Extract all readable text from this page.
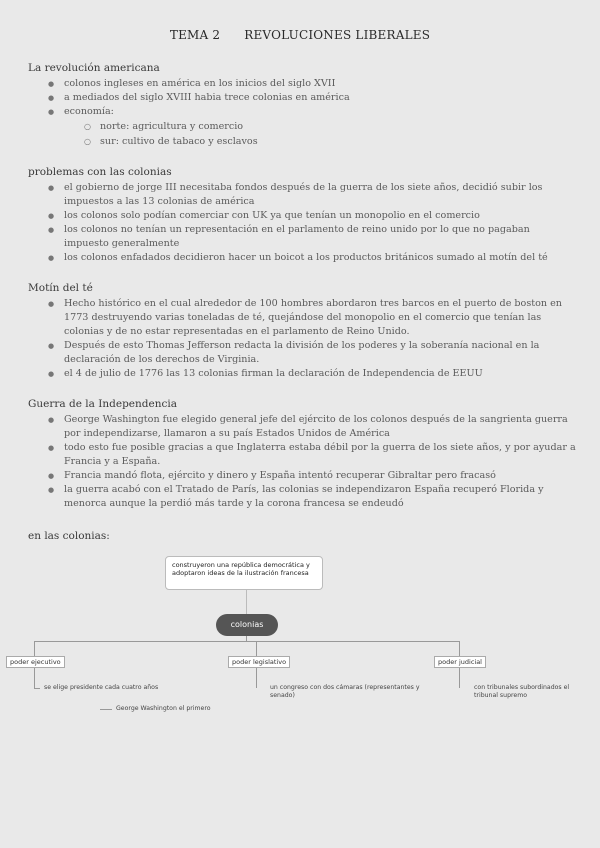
TEMA 2 REVOLUCIONES LIBERALES
La revolución americana
● colonos ingleses en américa en los inicios del siglo XVII
● a mediados del siglo XVIII habia trece colonias en américa
● economía:
○ norte: agricultura y comercio
○ sur: cultivo de tabaco y esclavos
problemas con las colonias
● el gobierno de jorge III necesitaba fondos después de la guerra de los siete años, decidió subir los impuestos a las 13 colonias de américa
● los colonos solo podían comerciar con UK ya que tenían un monopolio en el comercio
● los colonos no tenían un representación en el parlamento de reino unido por lo que no pagaban impuesto generalmente
● los colonos enfadados decidieron hacer un boicot a los productos británicos sumado al motín del té
Motín del té
● Hecho histórico en el cual alrededor de 100 hombres abordaron tres barcos en el puerto de boston en 1773 destruyendo varias toneladas de té, quejándose del monopolio en el comercio que tenían las colonias y de no estar representadas en el parlamento de Reino Unido.
● Después de esto Thomas Jefferson redacta la división de los poderes y la soberanía nacional en la declaración de los derechos de Virginia.
● el 4 de julio de 1776 las 13 colonias firman la declaración de Independencia de EEUU
Guerra de la Independencia
● George Washington fue elegido general jefe del ejército de los colonos después de la sangrienta guerra por independizarse, llamaron a su país Estados Unidos de América
● todo esto fue posible gracias a que Inglaterra estaba débil por la guerra de los siete años, y por ayudar a Francia y a España.
● Francia mandó flota, ejército y dinero y España intentó recuperar Gibraltar pero fracasó
● la guerra acabó con el Tratado de París, las colonias se independizaron España recuperó Florida y menorca aunque la perdió más tarde y la corona francesa se endeudó
en las colonias:
construyeron una república democrática y adoptaron ideas de la ilustración francesa
colonias
poder ejecutivo	poder legislativo	poder judicial
se elige presidente cada cuatro años
George Washington el primero
un congreso con dos cámaras (representantes y senado)
con tribunales subordinados el tribunal supremo
